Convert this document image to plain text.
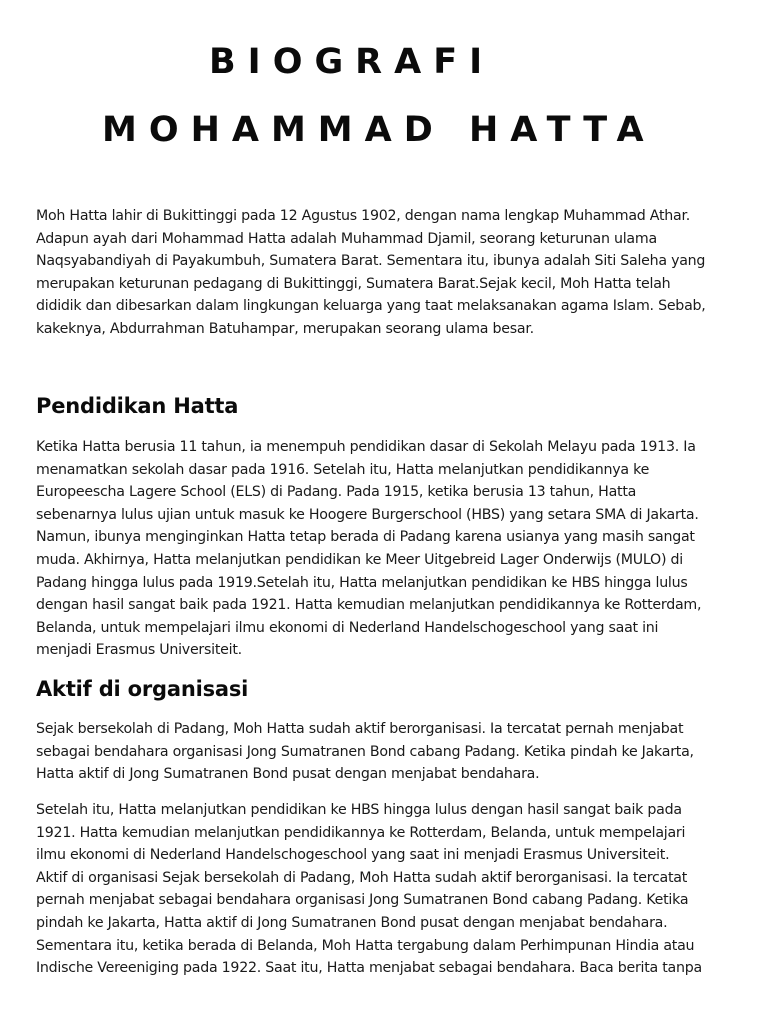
BIOGRAFI
MOHAMMAD HATTA

Moh Hatta lahir di Bukittinggi pada 12 Agustus 1902, dengan nama lengkap Muhammad Athar.
Adapun ayah dari Mohammad Hatta adalah Muhammad Djamil, seorang keturunan ulama
Naqsyabandiyah di Payakumbuh, Sumatera Barat. Sementara itu, ibunya adalah Siti Saleha yang
merupakan keturunan pedagang di Bukittinggi, Sumatera Barat.Sejak kecil, Moh Hatta telah
dididik dan dibesarkan dalam lingkungan keluarga yang taat melaksanakan agama Islam. Sebab,
kakeknya, Abdurrahman Batuhampar, merupakan seorang ulama besar.

Pendidikan Hatta

Ketika Hatta berusia 11 tahun, ia menempuh pendidikan dasar di Sekolah Melayu pada 1913. Ia
menamatkan sekolah dasar pada 1916. Setelah itu, Hatta melanjutkan pendidikannya ke
Europeescha Lagere School (ELS) di Padang. Pada 1915, ketika berusia 13 tahun, Hatta
sebenarnya lulus ujian untuk masuk ke Hoogere Burgerschool (HBS) yang setara SMA di Jakarta.
Namun, ibunya menginginkan Hatta tetap berada di Padang karena usianya yang masih sangat
muda. Akhirnya, Hatta melanjutkan pendidikan ke Meer Uitgebreid Lager Onderwijs (MULO) di
Padang hingga lulus pada 1919.Setelah itu, Hatta melanjutkan pendidikan ke HBS hingga lulus
dengan hasil sangat baik pada 1921. Hatta kemudian melanjutkan pendidikannya ke Rotterdam,
Belanda, untuk mempelajari ilmu ekonomi di Nederland Handelschogeschool yang saat ini
menjadi Erasmus Universiteit.

Aktif di organisasi

Sejak bersekolah di Padang, Moh Hatta sudah aktif berorganisasi. Ia tercatat pernah menjabat
sebagai bendahara organisasi Jong Sumatranen Bond cabang Padang. Ketika pindah ke Jakarta,
Hatta aktif di Jong Sumatranen Bond pusat dengan menjabat bendahara.

Setelah itu, Hatta melanjutkan pendidikan ke HBS hingga lulus dengan hasil sangat baik pada
1921. Hatta kemudian melanjutkan pendidikannya ke Rotterdam, Belanda, untuk mempelajari
ilmu ekonomi di Nederland Handelschogeschool yang saat ini menjadi Erasmus Universiteit.
Aktif di organisasi Sejak bersekolah di Padang, Moh Hatta sudah aktif berorganisasi. Ia tercatat
pernah menjabat sebagai bendahara organisasi Jong Sumatranen Bond cabang Padang. Ketika
pindah ke Jakarta, Hatta aktif di Jong Sumatranen Bond pusat dengan menjabat bendahara.
Sementara itu, ketika berada di Belanda, Moh Hatta tergabung dalam Perhimpunan Hindia atau
Indische Vereeniging pada 1922. Saat itu, Hatta menjabat sebagai bendahara. Baca berita tanpa
